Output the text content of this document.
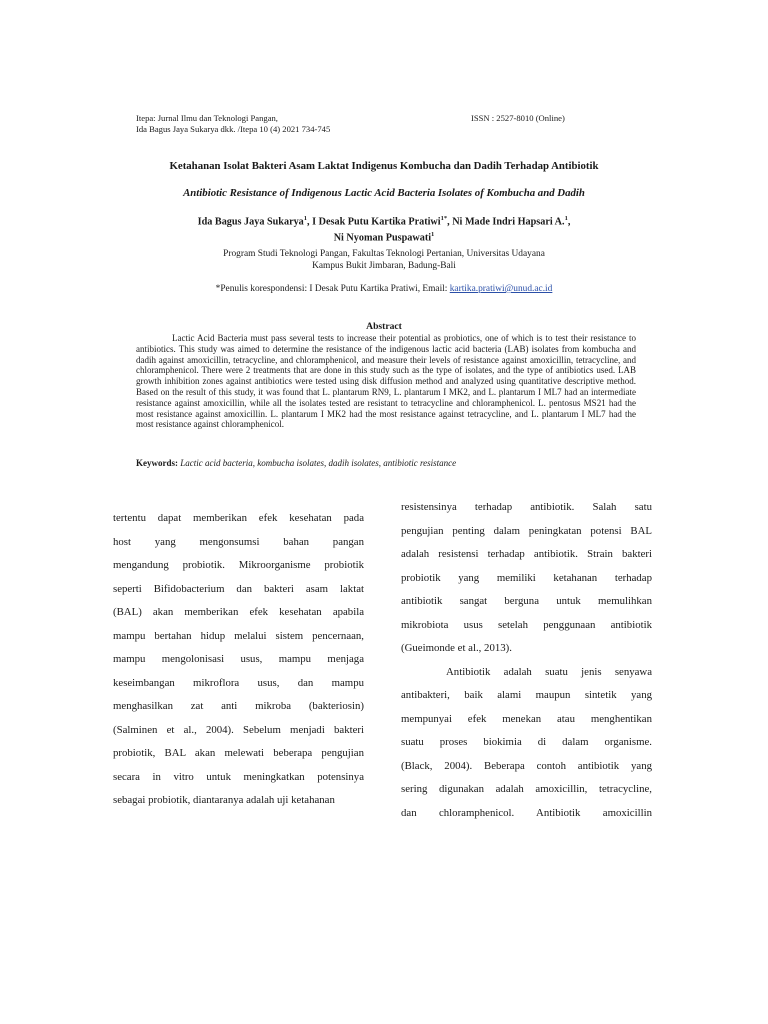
Itepa: Jurnal Ilmu dan Teknologi Pangan,
Ida Bagus Jaya Sukarya dkk. /Itepa 10 (4) 2021 734-745
ISSN : 2527-8010 (Online)
Ketahanan Isolat Bakteri Asam Laktat Indigenus Kombucha dan Dadih Terhadap Antibiotik
Antibiotic Resistance of Indigenous Lactic Acid Bacteria Isolates of Kombucha and Dadih
Ida Bagus Jaya Sukarya$^1$, I Desak Putu Kartika Pratiwi$^{1*}$, Ni Made Indri Hapsari A.$^1$,
Ni Nyoman Puspawati$^1$
Program Studi Teknologi Pangan, Fakultas Teknologi Pertanian, Universitas Udayana
Kampus Bukit Jimbaran, Badung-Bali
*Penulis korespondensi: I Desak Putu Kartika Pratiwi, Email: kartika.pratiwi@unud.ac.id
Abstract
Lactic Acid Bacteria must pass several tests to increase their potential as probiotics, one of which is to test their resistance to antibiotics. This study was aimed to determine the resistance of the indigenous lactic acid bacteria (LAB) isolates from kombucha and dadih against amoxicillin, tetracycline, and chloramphenicol, and measure their levels of resistance against amoxicillin, tetracycline, and chloramphenicol. There were 2 treatments that are done in this study such as the type of isolates, and the type of antibiotics used. LAB growth inhibition zones against antibiotics were tested using disk diffusion method and analyzed using quantitative descriptive method. Based on the result of this study, it was found that L. plantarum RN9, L. plantarum I MK2, and L. plantarum I ML7 had an intermediate resistance against amoxicillin, while all the isolates tested are resistant to tetracycline and chloramphenicol. L. pentosus MS21 had the most resistance against amoxicillin. L. plantarum I MK2 had the most resistance against tetracycline, and L. plantarum I ML7 had the most resistance against chloramphenicol.
Keywords: Lactic acid bacteria, kombucha isolates, dadih isolates, antibiotic resistance
tertentu dapat memberikan efek kesehatan pada
host yang mengonsumsi bahan pangan
mengandung probiotik. Mikroorganisme probiotik
seperti Bifidobacterium dan bakteri asam laktat
(BAL) akan memberikan efek kesehatan apabila
mampu bertahan hidup melalui sistem pencernaan,
mampu mengolonisasi usus, mampu menjaga
keseimbangan mikroflora usus, dan mampu
menghasilkan zat anti mikroba (bakteriosin)
(Salminen et al., 2004). Sebelum menjadi bakteri
probiotik, BAL akan melewati beberapa pengujian
secara in vitro untuk meningkatkan potensinya
sebagai probiotik, diantaranya adalah uji ketahanan
resistensinya terhadap antibiotik. Salah satu
pengujian penting dalam peningkatan potensi BAL
adalah resistensi terhadap antibiotik. Strain bakteri
probiotik yang memiliki ketahanan terhadap
antibiotik sangat berguna untuk memulihkan
mikrobiota usus setelah penggunaan antibiotik
(Gueimonde et al., 2013).
Antibiotik adalah suatu jenis senyawa
antibakteri, baik alami maupun sintetik yang
mempunyai efek menekan atau menghentikan
suatu proses biokimia di dalam organisme.
(Black, 2004). Beberapa contoh antibiotik yang
sering digunakan adalah amoxicillin, tetracycline,
dan chloramphenicol. Antibiotik amoxicillin
